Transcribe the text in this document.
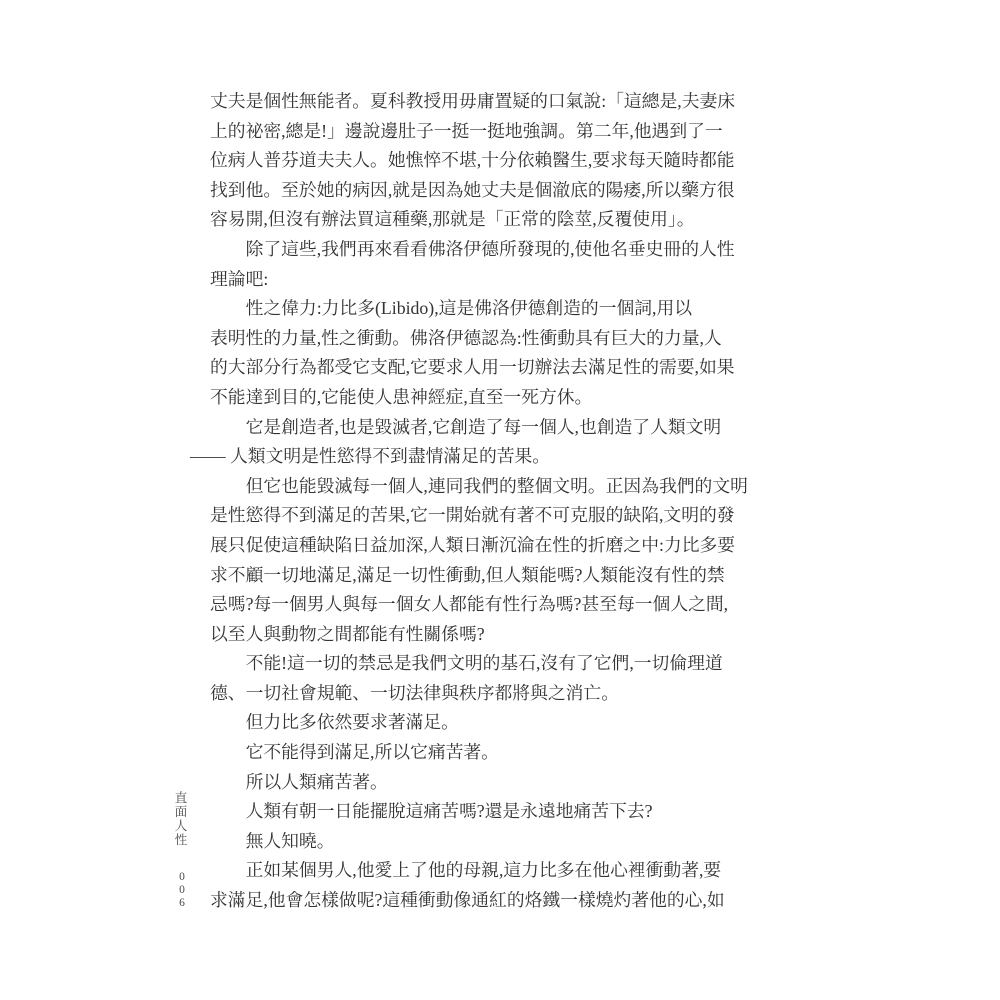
直面人性
006
丈夫是個性無能者。夏科教授用毋庸置疑的口氣說:「這總是,夫妻床
上的祕密,總是!」邊說邊肚子一挺一挺地強調。第二年,他遇到了一
位病人普芬道夫夫人。她憔悴不堪,十分依賴醫生,要求每天隨時都能
找到他。至於她的病因,就是因為她丈夫是個澈底的陽痿,所以藥方很
容易開,但沒有辦法買這種藥,那就是「正常的陰莖,反覆使用」。
　　除了這些,我們再來看看佛洛伊德所發現的,使他名垂史冊的人性
理論吧:
　　性之偉力:力比多(Libido),這是佛洛伊德創造的一個詞,用以
表明性的力量,性之衝動。佛洛伊德認為:性衝動具有巨大的力量,人
的大部分行為都受它支配,它要求人用一切辦法去滿足性的需要,如果
不能達到目的,它能使人患神經症,直至一死方休。
　　它是創造者,也是毀滅者,它創造了每一個人,也創造了人類文明
—— 人類文明是性慾得不到盡情滿足的苦果。
　　但它也能毀滅每一個人,連同我們的整個文明。正因為我們的文明
是性慾得不到滿足的苦果,它一開始就有著不可克服的缺陷,文明的發
展只促使這種缺陷日益加深,人類日漸沉淪在性的折磨之中:力比多要
求不顧一切地滿足,滿足一切性衝動,但人類能嗎?人類能沒有性的禁
忌嗎?每一個男人與每一個女人都能有性行為嗎?甚至每一個人之間,
以至人與動物之間都能有性關係嗎?
　　不能!這一切的禁忌是我們文明的基石,沒有了它們,一切倫理道
德、一切社會規範、一切法律與秩序都將與之消亡。
　　但力比多依然要求著滿足。
　　它不能得到滿足,所以它痛苦著。
　　所以人類痛苦著。
　　人類有朝一日能擺脫這痛苦嗎?還是永遠地痛苦下去?
　　無人知曉。
　　正如某個男人,他愛上了他的母親,這力比多在他心裡衝動著,要
求滿足,他會怎樣做呢?這種衝動像通紅的烙鐵一樣燒灼著他的心,如
